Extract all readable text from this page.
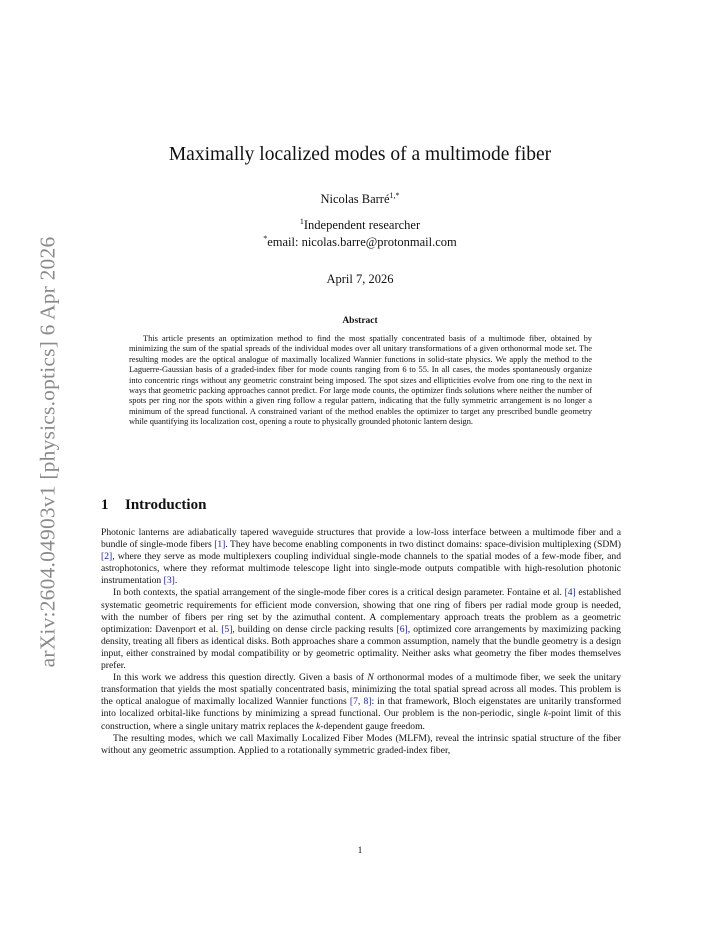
arXiv:2604.04903v1 [physics.optics] 6 Apr 2026
Maximally localized modes of a multimode fiber
Nicolas Barré$^{1,*}$
$^1$Independent researcher
*email: nicolas.barre@protonmail.com
April 7, 2026
Abstract
This article presents an optimization method to find the most spatially concentrated basis of a multimode fiber, obtained by minimizing the sum of the spatial spreads of the individual modes over all unitary transformations of a given orthonormal mode set. The resulting modes are the optical analogue of maximally localized Wannier functions in solid-state physics. We apply the method to the Laguerre-Gaussian basis of a graded-index fiber for mode counts ranging from 6 to 55. In all cases, the modes spontaneously organize into concentric rings without any geometric constraint being imposed. The spot sizes and ellipticities evolve from one ring to the next in ways that geometric packing approaches cannot predict. For large mode counts, the optimizer finds solutions where neither the number of spots per ring nor the spots within a given ring follow a regular pattern, indicating that the fully symmetric arrangement is no longer a minimum of the spread functional. A constrained variant of the method enables the optimizer to target any prescribed bundle geometry while quantifying its localization cost, opening a route to physically grounded photonic lantern design.
1 Introduction

Photonic lanterns are adiabatically tapered waveguide structures that provide a low-loss interface between a multimode fiber and a bundle of single-mode fibers [1]. They have become enabling components in two distinct domains: space-division multiplexing (SDM) [2], where they serve as mode multiplexers coupling individual single-mode channels to the spatial modes of a few-mode fiber, and astrophotonics, where they reformat multimode telescope light into single-mode outputs compatible with high-resolution photonic instrumentation [3].

In both contexts, the spatial arrangement of the single-mode fiber cores is a critical design parameter. Fontaine et al. [4] established systematic geometric requirements for efficient mode conversion, showing that one ring of fibers per radial mode group is needed, with the number of fibers per ring set by the azimuthal content. A complementary approach treats the problem as a geometric optimization: Davenport et al. [5], building on dense circle packing results [6], optimized core arrangements by maximizing packing density, treating all fibers as identical disks. Both approaches share a common assumption, namely that the bundle geometry is a design input, either constrained by modal compatibility or by geometric optimality. Neither asks what geometry the fiber modes themselves prefer.

In this work we address this question directly. Given a basis of N orthonormal modes of a multimode fiber, we seek the unitary transformation that yields the most spatially concentrated basis, minimizing the total spatial spread across all modes. This problem is the optical analogue of maximally localized Wannier functions [7, 8]: in that framework, Bloch eigenstates are unitarily transformed into localized orbital-like functions by minimizing a spread functional. Our problem is the non-periodic, single k-point limit of this construction, where a single unitary matrix replaces the k-dependent gauge freedom.

The resulting modes, which we call Maximally Localized Fiber Modes (MLFM), reveal the intrinsic spatial structure of the fiber without any geometric assumption. Applied to a rotationally symmetric graded-index fiber,

1
